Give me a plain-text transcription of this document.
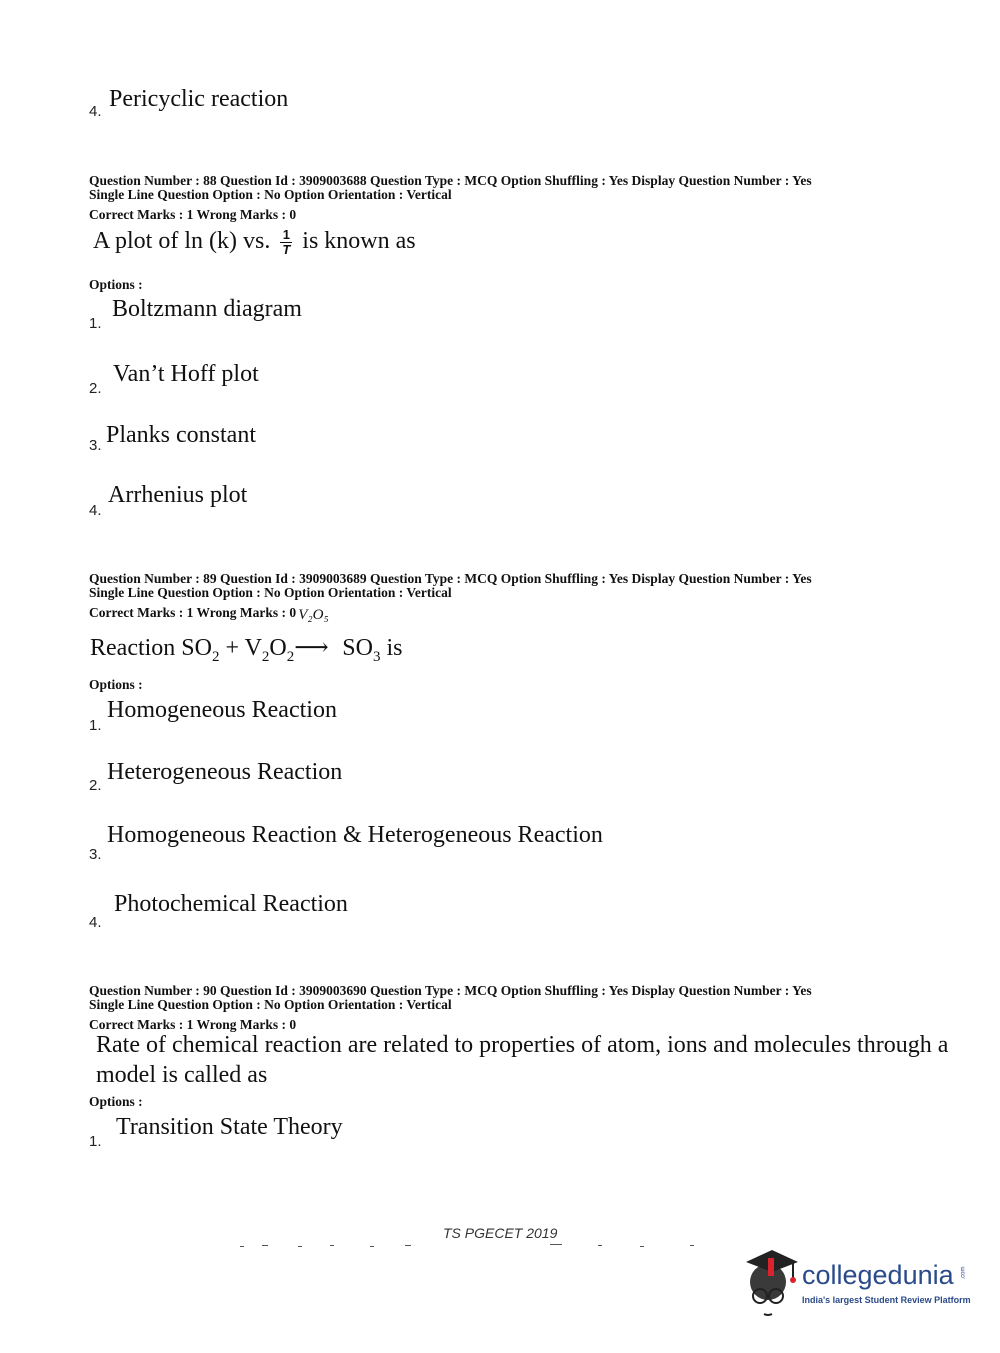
4. Pericyclic reaction
Question Number : 88 Question Id : 3909003688 Question Type : MCQ Option Shuffling : Yes Display Question Number : Yes
Single Line Question Option : No Option Orientation : Vertical
Correct Marks : 1 Wrong Marks : 0
A plot of ln (k) vs. $\frac{1}{T}$ is known as
Options :
1.
Boltzmann diagram
2.
Van’t Hoff plot
3. Planks constant
4.
Arrhenius plot
Question Number : 89 Question Id : 3909003689 Question Type : MCQ Option Shuffling : Yes Display Question Number : Yes
Single Line Question Option : No Option Orientation : Vertical
Correct Marks : 1 Wrong Marks : 0
Reaction $SO_2 + V_2O_2$
V₂O₅
⟶ $SO_3$ is
Options :
1.
Homogeneous Reaction
2.
Heterogeneous Reaction
3.
Homogeneous Reaction & Heterogeneous Reaction
4.
Photochemical Reaction
Question Number : 90 Question Id : 3909003690 Question Type : MCQ Option Shuffling : Yes Display Question Number : Yes
Single Line Question Option : No Option Orientation : Vertical
Correct Marks : 1 Wrong Marks : 0
Rate of chemical reaction are related to properties of atom, ions and molecules through a
model is called as
Options :
1.
Transition State Theory
TS PGECET 2019
collegedunia .com
India's largest Student Review Platform
